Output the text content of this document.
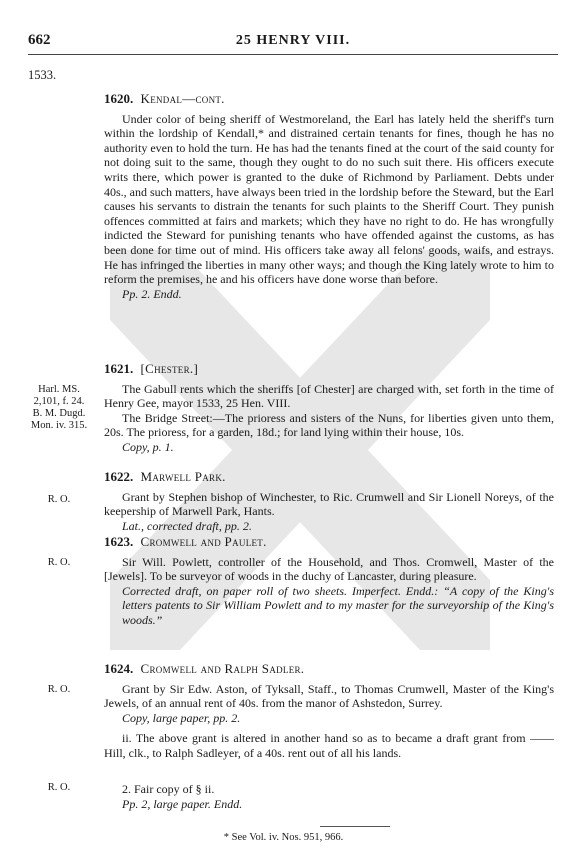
662	25 HENRY VIII.
1533.
1620. Kendal—cont.

Under color of being sheriff of Westmoreland, the Earl has lately held the sheriff's turn within the lordship of Kendall,* and distrained certain tenants for fines, though he has no authority even to hold the turn. He has had the tenants fined at the court of the said county for not doing suit to the same, though they ought to do no such suit there. His officers execute writs there, which power is granted to the duke of Richmond by Parliament. Debts under 40s., and such matters, have always been tried in the lordship before the Steward, but the Earl causes his servants to distrain the tenants for such plaints to the Sheriff Court. They punish offences committed at fairs and markets; which they have no right to do. He has wrongfully indicted the Steward for punishing tenants who have offended against the customs, as has been done for time out of mind. His officers take away all felons' goods, waifs, and estrays. He has infringed the liberties in many other ways; and though the King lately wrote to him to reform the premises, he and his officers have done worse than before.

Pp. 2. Endd.

Harl. MS. 2,101, f. 24. B. M. Dugd. Mon. iv. 315.
1621. [Chester.]

The Gabull rents which the sheriffs [of Chester] are charged with, set forth in the time of Henry Gee, mayor 1533, 25 Hen. VIII.

The Bridge Street:—The prioress and sisters of the Nuns, for liberties given unto them, 20s. The prioress, for a garden, 18d.; for land lying within their house, 10s.

Copy, p. 1.

R. O.
1622. Marwell Park.

Grant by Stephen bishop of Winchester, to Ric. Crumwell and Sir Lionell Noreys, of the keepership of Marwell Park, Hants.

Lat., corrected draft, pp. 2.

R. O.
1623. Cromwell and Paulet.

Sir Will. Powlett, controller of the Household, and Thos. Cromwell, Master of the [Jewels]. To be surveyor of woods in the duchy of Lancaster, during pleasure.

Corrected draft, on paper roll of two sheets. Imperfect. Endd.: “A copy of the King's letters patents to Sir William Powlett and to my master for the surveyorship of the King's woods.”

R. O.
1624. Cromwell and Ralph Sadler.

Grant by Sir Edw. Aston, of Tyksall, Staff., to Thomas Crumwell, Master of the King's Jewels, of an annual rent of 40s. from the manor of Ashstedon, Surrey.

Copy, large paper, pp. 2.

ii. The above grant is altered in another hand so as to became a draft grant from —— Hill, clk., to Ralph Sadleyer, of a 40s. rent out of all his lands.

R. O.	2. Fair copy of § ii.

Pp. 2, large paper. Endd.

* See Vol. iv. Nos. 951, 966.
